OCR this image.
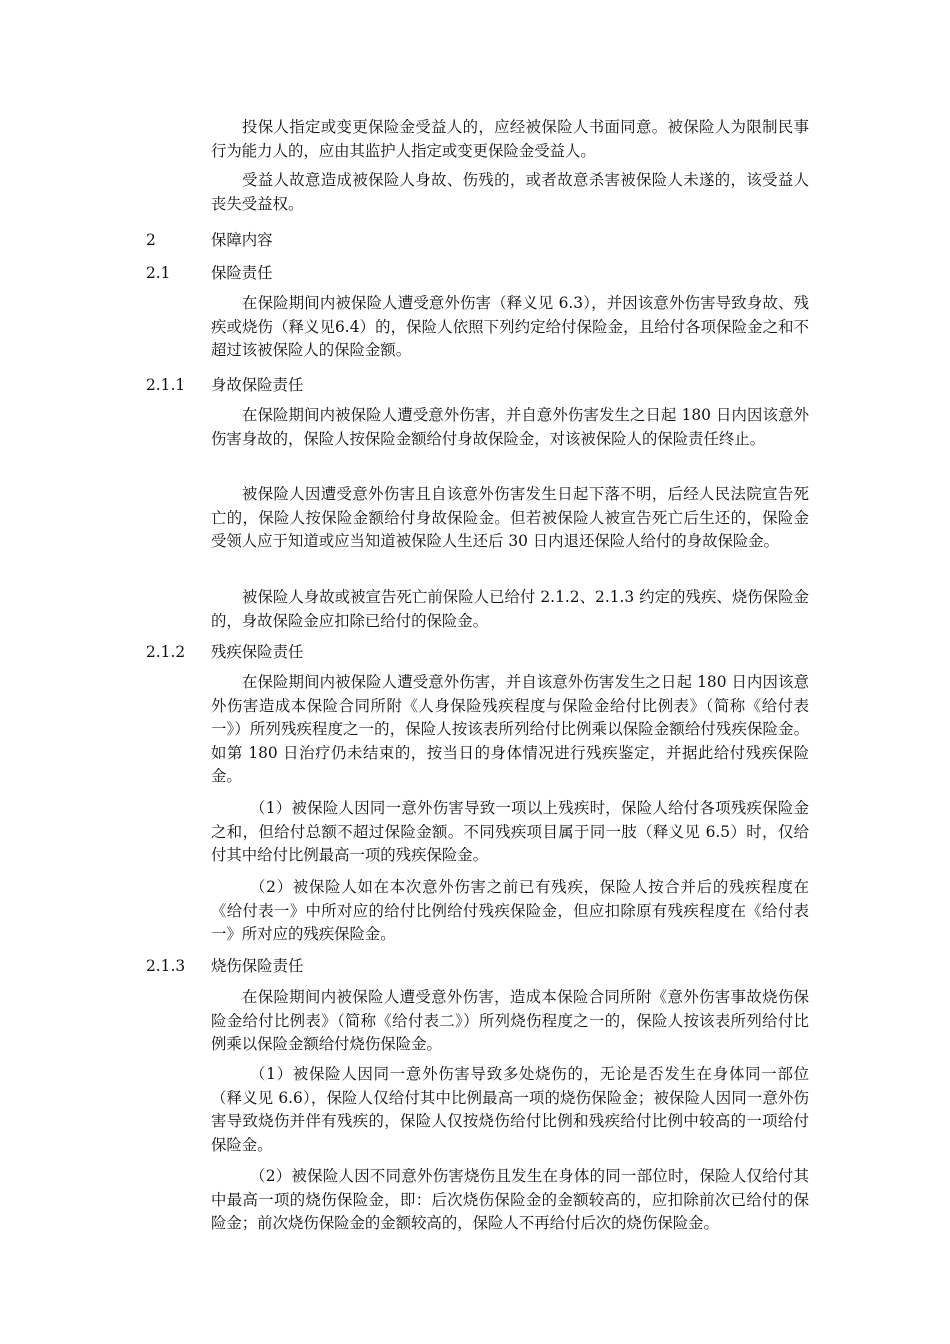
投保人指定或变更保险金受益人的，应经被保险人书面同意。被保险人为限制民事行为能力人的，应由其监护人指定或变更保险金受益人。

受益人故意造成被保险人身故、伤残的，或者故意杀害被保险人未遂的，该受益人丧失受益权。

2	保障内容
2.1	保险责任

在保险期间内被保险人遭受意外伤害（释义见 6.3），并因该意外伤害导致身故、残疾或烧伤（释义见6.4）的，保险人依照下列约定给付保险金，且给付各项保险金之和不超过该被保险人的保险金额。

2.1.1 身故保险责任

在保险期间内被保险人遭受意外伤害，并自意外伤害发生之日起 180 日内因该意外伤害身故的，保险人按保险金额给付身故保险金，对该被保险人的保险责任终止。

被保险人因遭受意外伤害且自该意外伤害发生日起下落不明，后经人民法院宣告死亡的，保险人按保险金额给付身故保险金。但若被保险人被宣告死亡后生还的，保险金受领人应于知道或应当知道被保险人生还后 30 日内退还保险人给付的身故保险金。

被保险人身故或被宣告死亡前保险人已给付 2.1.2、2.1.3 约定的残疾、烧伤保险金的，身故保险金应扣除已给付的保险金。

2.1.2 残疾保险责任

在保险期间内被保险人遭受意外伤害，并自该意外伤害发生之日起 180 日内因该意外伤害造成本保险合同所附《人身保险残疾程度与保险金给付比例表》（简称《给付表一》）所列残疾程度之一的，保险人按该表所列给付比例乘以保险金额给付残疾保险金。如第 180 日治疗仍未结束的，按当日的身体情况进行残疾鉴定，并据此给付残疾保险金。

（1）被保险人因同一意外伤害导致一项以上残疾时，保险人给付各项残疾保险金之和，但给付总额不超过保险金额。不同残疾项目属于同一肢（释义见 6.5）时，仅给付其中给付比例最高一项的残疾保险金。

（2）被保险人如在本次意外伤害之前已有残疾，保险人按合并后的残疾程度在《给付表一》中所对应的给付比例给付残疾保险金，但应扣除原有残疾程度在《给付表一》所对应的残疾保险金。

2.1.3 烧伤保险责任

在保险期间内被保险人遭受意外伤害，造成本保险合同所附《意外伤害事故烧伤保险金给付比例表》（简称《给付表二》）所列烧伤程度之一的，保险人按该表所列给付比例乘以保险金额给付烧伤保险金。

（1）被保险人因同一意外伤害导致多处烧伤的，无论是否发生在身体同一部位（释义见 6.6），保险人仅给付其中比例最高一项的烧伤保险金；被保险人因同一意外伤害导致烧伤并伴有残疾的，保险人仅按烧伤给付比例和残疾给付比例中较高的一项给付保险金。

（2）被保险人因不同意外伤害烧伤且发生在身体的同一部位时，保险人仅给付其中最高一项的烧伤保险金，即：后次烧伤保险金的金额较高的，应扣除前次已给付的保险金；前次烧伤保险金的金额较高的，保险人不再给付后次的烧伤保险金。
